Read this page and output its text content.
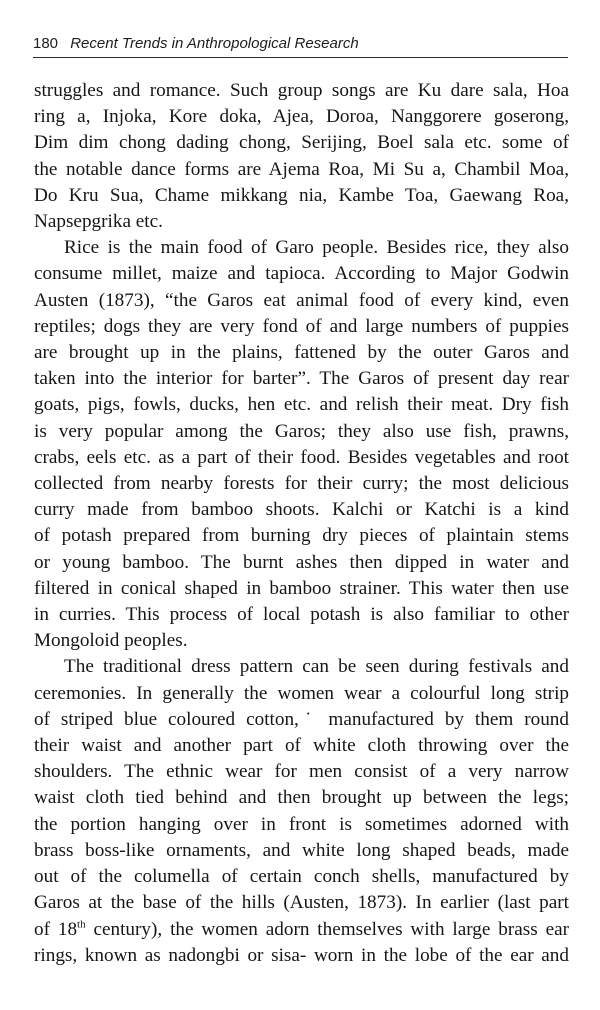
180 Recent Trends in Anthropological Research
struggles and romance. Such group songs are Ku dare sala, Hoa
ring a, Injoka, Kore doka, Ajea, Doroa, Nanggorere goserong,
Dim dim chong dading chong, Serijing, Boel sala etc. some of
the notable dance forms are Ajema Roa, Mi Su a, Chambil Moa,
Do Kru Sua, Chame mikkang nia, Kambe Toa, Gaewang Roa,
Napsepgrika etc.
Rice is the main food of Garo people. Besides rice, they also
consume millet, maize and tapioca. According to Major Godwin
Austen (1873), “the Garos eat animal food of every kind, even
reptiles; dogs they are very fond of and large numbers of puppies
are brought up in the plains, fattened by the outer Garos and
taken into the interior for barter”. The Garos of present day rear
goats, pigs, fowls, ducks, hen etc. and relish their meat. Dry fish
is very popular among the Garos; they also use fish, prawns,
crabs, eels etc. as a part of their food. Besides vegetables and root
collected from nearby forests for their curry; the most delicious
curry made from bamboo shoots. Kalchi or Katchi is a kind
of potash prepared from burning dry pieces of plaintain stems
or young bamboo. The burnt ashes then dipped in water and
filtered in conical shaped in bamboo strainer. This water then use
in curries. This process of local potash is also familiar to other
Mongoloid peoples.
The traditional dress pattern can be seen during festivals and
ceremonies. In generally the women wear a colourful long strip
of striped blue coloured cotton,˙ manufactured by them round
their waist and another part of white cloth throwing over the
shoulders. The ethnic wear for men consist of a very narrow
waist cloth tied behind and then brought up between the legs;
the portion hanging over in front is sometimes adorned with
brass boss-like ornaments, and white long shaped beads, made
out of the columella of certain conch shells, manufactured by
Garos at the base of the hills (Austen, 1873). In earlier (last part
of 18th century), the women adorn themselves with large brass ear
rings, known as nadongbi or sisa- worn in the lobe of the ear and
